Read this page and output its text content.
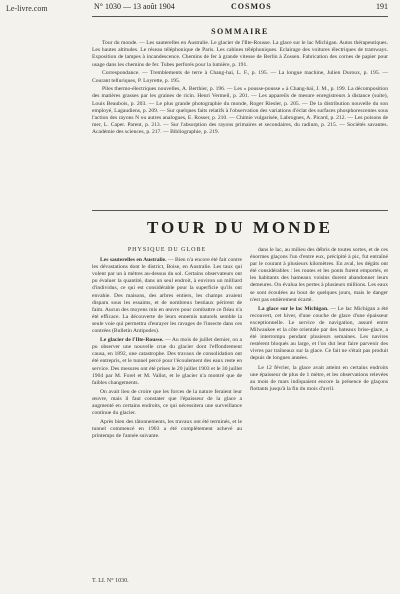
Le-livre.com	N° 1030 — 13 août 1904	COSMOS	191
SOMMAIRE

Tour du monde. — Les sauterelles en Australie. Le glacier de l'Ilte-Rousse. La glace sur le lac Michigan. Autos thérapeutiques. Les hautes altitudes. Le réseau téléphonique de Paris. Les cabines téléphoniques. Eclairage des voitures électriques de tramways. Exposition de lampes à incandescence. Chemins de fer à grande vitesse de Berlin à Zossen. Fabrication des cornes de papier pour usage dans les chemins de fer. Tubes perforés pour la lumière, p. 191.

Correspondance. — Tremblements de terre à Chang-hai, L. F., p. 195. — La longue machine, Julien Duroux, p. 195. — Courant telluriques, P. Loyrette, p. 195.

Piles thermo-électriques nouvelles, A. Berthier, p. 196. — Les « pousse-pousse » à Chang-haï, J. M., p. 199. La décomposition des matières grasses par les graines de ricin. Henri Vermeil, p. 201. — Les appareils de mesure enregistreurs à distance (suite), Louis Beaubois, p. 203. — Le plus grande photographie du monde, Roger Riesler, p. 205. — De la distribution nouvelle du son employé, Lagaudiens, p. 209. — Sur quelques faits relatifs à l'observation des variations d'éclat des surfaces phosphorescentes sous l'action des rayons N ou autres analogues, E. Rosser, p. 210. — Chimie vulgarisée, Labrognes, A. Picard, p. 212. — Les poisons de mer, L. Caper. Parent, p. 213. — Sur l'absorption des rayons primaires et secondaires, du radium, p. 215. — Sociétés savantes. Académie des sciences, p. 217. — Bibliographie, p. 219.

TOUR DU MONDE
PHYSIQUE DU GLOBE

Les sauterelles en Australie. — Bien n'a encore été fait contre les dévastations dont le district, Boise, en Australie. Les taux qui volent par un à mètres au-dessus du sol. Certains observateurs ont pu évaluer la quantité, dans un seul endroit, à environ un milliard d'individus, ce qui est considérable pour la superficie qu'ils ont envahie. Des maisons, des arbres entiers, les champs avaient disparu sous les essaims, et de nombreux bestiaux périrent de faim. Aucun des moyens mis en œuvre pour combattre ce fléau n'a été efficace. La découverte de leurs ennemis naturels semble la seule voie qui permettra d'enrayer les ravages de l'insecte dans ces contrées (Bulletin Antipodes).

Le glacier de l'Ilte-Rousse. — Au mois de juillet dernier, on a pu observer une nouvelle crue du glacier dont l'effondrement causa, en 1892, une catastrophe. Des travaux de consolidation ont été entrepris, et le tunnel percé pour l'écoulement des eaux reste en service. Des mesures ont été prises le 20 juillet 1903 et le 30 juillet 1904 par M. Forel et M. Vallot, et le glacier n'a montré que de faibles changements.

On avait lieu de croire que les forces de la nature feraient leur œuvre, mais il faut constater que l'épaisseur de la glace a augmenté en certains endroits, ce qui nécessitera une surveillance continue du glacier.

Après bien des tâtonnements, les travaux ont été terminés, et le tunnel commencé en 1903 a été complètement achevé au printemps de l'année suivante.

dans le lac, au milieu des débris de toutes sortes, et de ces énormes glaçons l'un d'entre eux, précipité à pic, fut entraîné par le courant à plusieurs kilomètres. En aval, les dégâts ont été considérables : les routes et les ponts furent emportés, et les habitants des hameaux voisins durent abandonner leurs demeures. On évalua les pertes à plusieurs millions. Les eaux se sont écoulées au bout de quelques jours, mais le danger n'est pas entièrement écarté.

La glace sur le lac Michigan. — Le lac Michigan a été recouvert, cet hiver, d'une couche de glace d'une épaisseur exceptionnelle. Le service de navigation, assuré entre Milwaukee et la côte orientale par des bateaux brise-glace, a été interrompu pendant plusieurs semaines. Les navires restèrent bloqués au large, et l'on dut leur faire parvenir des vivres par traîneaux sur la glace. Ce fait ne s'était pas produit depuis de longues années.

Le 12 février, la glace avait atteint en certains endroits une épaisseur de plus de 1 mètre, et les observations relevées au mois de mars indiquaient encore la présence de glaçons flottants jusqu'à la fin du mois d'avril.

T. LI. N° 1030.
